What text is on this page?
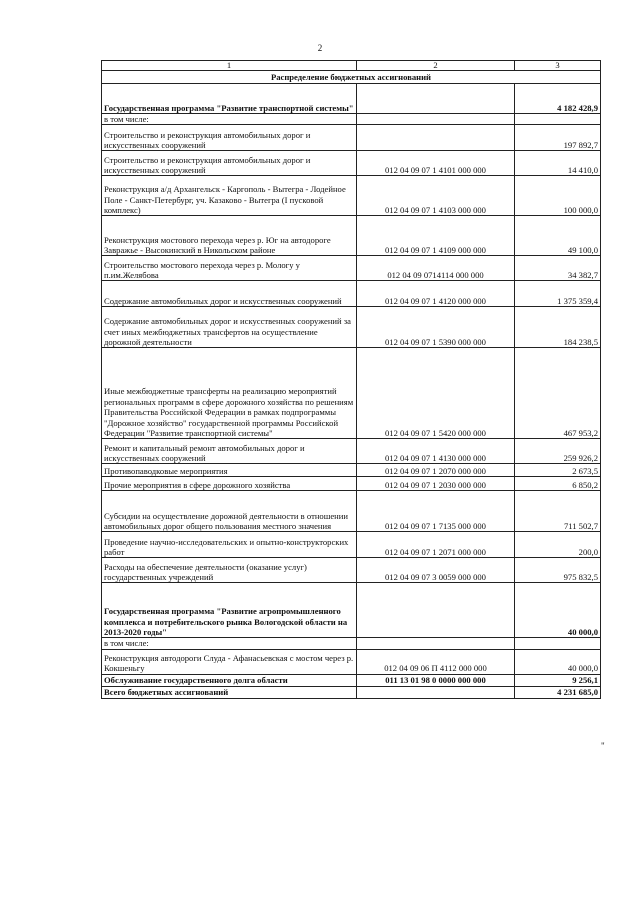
2
1	2	3
Распределение бюджетных ассигнований		
Государственная программа "Развитие транспортной системы"		4 182 428,9
в том числе:		
Строительство и реконструкция автомобильных дорог и искусственных сооружений		197 892,7
Строительство и реконструкция автомобильных дорог и искусственных сооружений	012 04 09 07 1 4101 000 000	14 410,0
Реконструкция а/д Архангельск - Каргополь - Вытегра - Лодейное Поле - Санкт-Петербург, уч. Казаково - Вытегра (I пусковой комплекс)	012 04 09 07 1 4103 000 000	100 000,0
Реконструкция мостового перехода через р. Юг на автодороге Завражье - Высокинский в Никольском районе	012 04 09 07 1 4109 000 000	49 100,0
Строительство мостового перехода через р. Мологу у п.им.Желябова	012 04 09 0714114 000 000	34 382,7
Содержание автомобильных дорог и искусственных сооружений	012 04 09 07 1 4120 000 000	1 375 359,4
Содержание автомобильных дорог и искусственных сооружений за счет иных межбюджетных трансфертов на осуществление дорожной деятельности	012 04 09 07 1 5390 000 000	184 238,5
Иные межбюджетные трансферты на реализацию мероприятий региональных программ в сфере дорожного хозяйства по решениям Правительства Российской Федерации в рамках подпрограммы "Дорожное хозяйство" государственной программы Российской Федерации "Развитие транспортной системы"	012 04 09 07 1 5420 000 000	467 953,2
Ремонт и капитальный ремонт автомобильных дорог и искусственных сооружений	012 04 09 07 1 4130 000 000	259 926,2
Противопаводковые мероприятия	012 04 09 07 1 2070 000 000	2 673,5
Прочие мероприятия в сфере дорожного хозяйства	012 04 09 07 1 2030 000 000	6 850,2
Субсидии на осуществление дорожной деятельности в отношении автомобильных дорог общего пользования местного значения	012 04 09 07 1 7135 000 000	711 502,7
Проведение научно-исследовательских и опытно-конструкторских работ	012 04 09 07 1 2071 000 000	200,0
Расходы на обеспечение деятельности (оказание услуг) государственных учреждений	012 04 09 07 3 0059 000 000	975 832,5
Государственная программа "Развитие агропромышленного комплекса и потребительского рынка Вологодской области на 2013-2020 годы"		40 000,0
в том числе:		
Реконструкция автодороги Слуда - Афанасьевская с мостом через р. Кокшеньгу	012 04 09 06 П 4112 000 000	40 000,0
Обслуживание государственного долга области	011 13 01 98 0 0000 000 000	9 256,1
Всего бюджетных ассигнований		4 231 685,0
"
